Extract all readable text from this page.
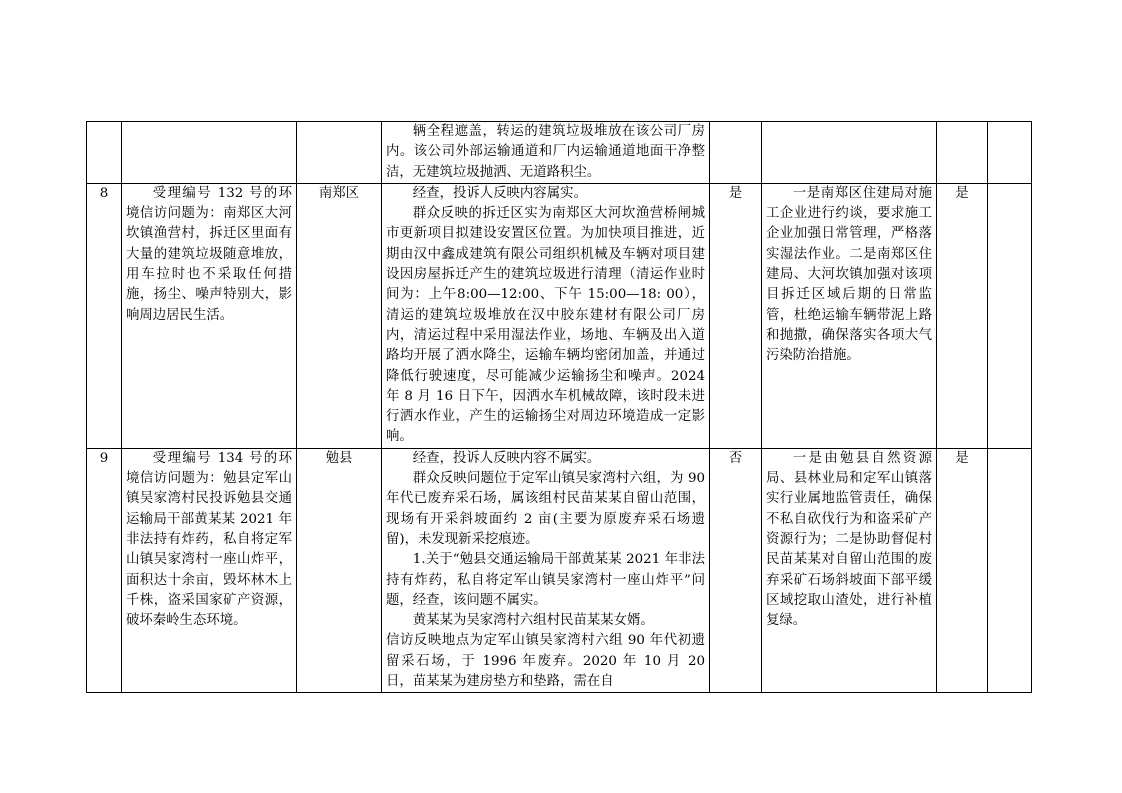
			辆全程遮盖，转运的建筑垃圾堆放在该公司厂房内。该公司外部运输通道和厂内运输通道地面干净整洁，无建筑垃圾抛洒、无道路积尘。				

8	受理编号 132 号的环境信访问题为：南郑区大河坎镇渔营村，拆迁区里面有大量的建筑垃圾随意堆放，用车拉时也不采取任何措施，扬尘、噪声特别大，影响周边居民生活。	南郑区	经查，投诉人反映内容属实。
群众反映的拆迁区实为南郑区大河坎渔营桥闸城市更新项目拟建设安置区位置。为加快项目推进，近期由汉中鑫成建筑有限公司组织机械及车辆对项目建设因房屋拆迁产生的建筑垃圾进行清理（清运作业时间为：上午8:00—12:00、下午 15:00—18: 00），清运的建筑垃圾堆放在汉中胶东建材有限公司厂房内，清运过程中采用湿法作业，场地、车辆及出入道路均开展了洒水降尘，运输车辆均密闭加盖，并通过降低行驶速度，尽可能减少运输扬尘和噪声。2024 年 8 月 16 日下午，因洒水车机械故障，该时段未进行洒水作业，产生的运输扬尘对周边环境造成一定影响。	是	一是南郑区住建局对施工企业进行约谈，要求施工企业加强日常管理，严格落实湿法作业。二是南郑区住建局、大河坎镇加强对该项目拆迁区域后期的日常监管，杜绝运输车辆带泥上路和抛撒，确保落实各项大气污染防治措施。	是	
9	受理编号 134 号的环境信访问题为：勉县定军山镇吴家湾村民投诉勉县交通运输局干部黄某某 2021 年非法持有炸药，私自将定军山镇吴家湾村一座山炸平，面积达十余亩，毁坏林木上千株，盗采国家矿产资源，破坏秦岭生态环境。	勉县	经查，投诉人反映内容不属实。
群众反映问题位于定军山镇吴家湾村六组，为 90 年代已废弃采石场，属该组村民苗某某自留山范围，现场有开采斜坡面约 2 亩(主要为原废弃采石场遗留)，未发现新采挖痕迹。
1.关于“勉县交通运输局干部黄某某 2021 年非法持有炸药，私自将定军山镇吴家湾村一座山炸平”问题，经查，该问题不属实。
黄某某为吴家湾村六组村民苗某某女婿。
信访反映地点为定军山镇吴家湾村六组 90 年代初遗留采石场，于 1996 年废弃。2020 年 10 月 20 日，苗某某为建房垫方和垫路，需在自	否	一是由勉县自然资源局、县林业局和定军山镇落实行业属地监管责任，确保不私自砍伐行为和盗采矿产资源行为；二是协助督促村民苗某某对自留山范围的废弃采矿石场斜坡面下部平缓区域挖取山渣处，进行补植复绿。	是	
